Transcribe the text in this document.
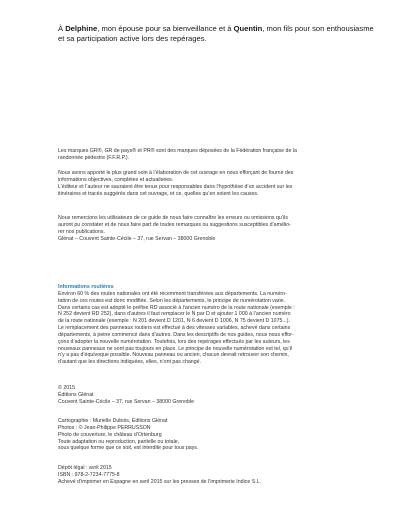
À Delphine, mon épouse pour sa bienveillance et à Quentin, mon fils pour son enthousiasme et sa participation active lors des repérages.

Les marques GR®, GR de pays® et PR® sont des marques déposées de la Fédération française de la

randonnée pédestre (F.F.R.P.).

Nous avons apporté le plus grand soin à l’élaboration de cet ouvrage en nous efforçant de fournir des

informations objectives, complètes et actualisées.

L’éditeur et l’auteur ne sauraient être tenus pour responsables dans l’hypothèse d’un accident sur les

itinéraires et tracés suggérés dans cet ouvrage, et ce, quelles qu’en soient les causes.

Nous remercions les utilisateurs de ce guide de nous faire connaître les erreurs ou omissions qu’ils

auront pu constater et de nous faire part de toutes remarques ou suggestions susceptibles d’amélio-

rer nos publications.

Glénat – Couvent Sainte-Cécile – 37, rue Servan – 38000 Grenoble

Informations routières

Environ 60 % des routes nationales ont été récemment transférées aux départements. La numéro-

tation de ces routes est donc modifiée. Selon les départements, le principe de numérotation varie.

Dans certains cas est adopté le préfixe RD associé à l’ancien numéro de la route nationale (exemple :

N 252 devient RD 252), dans d’autres il faut remplacer le N par D et ajouter 1 000 à l’ancien numéro

de la route nationale (exemple : N 201 devient D 1201, N 6 devient D 1006, N 75 devient D 1075...).

Le remplacement des panneaux routiers est effectué à des vitesses variables, achevé dans certains

départements, à peine commencé dans d’autres. Dans les descriptifs de nos guides, nous nous effor-

çons d’adopter la nouvelle numérotation. Toutefois, lors des repérages effectués par les auteurs, les

nouveaux panneaux ne sont pas toujours en place. Le principe de nouvelle numérotation est tel, qu’il

n’y a pas d’équivoque possible. Nouveau panneau ou ancien, chacun devrait retrouver son chemin,

d’autant que les directions indiquées, elles, n’ont pas changé.

© 2015

Éditions Glénat

Couvent Sainte-Cécile – 37, rue Servan – 38000 Grenoble

Cartographie : Murielle Dubois, Éditions Glénat

Photos : © Jean-Philippe PERRUSSON

Photo de couverture, le château d’Ortenburg

Toute adaptation ou reproduction, partielle ou totale,

sous quelque forme que ce soit, est interdite pour tous pays.

Dépôt légal : avril 2015

ISBN : 978-2-7234-7775-8

Achevé d’imprimer en Espagne en avril 2015 sur les presses de l’imprimerie Indice S.L.
